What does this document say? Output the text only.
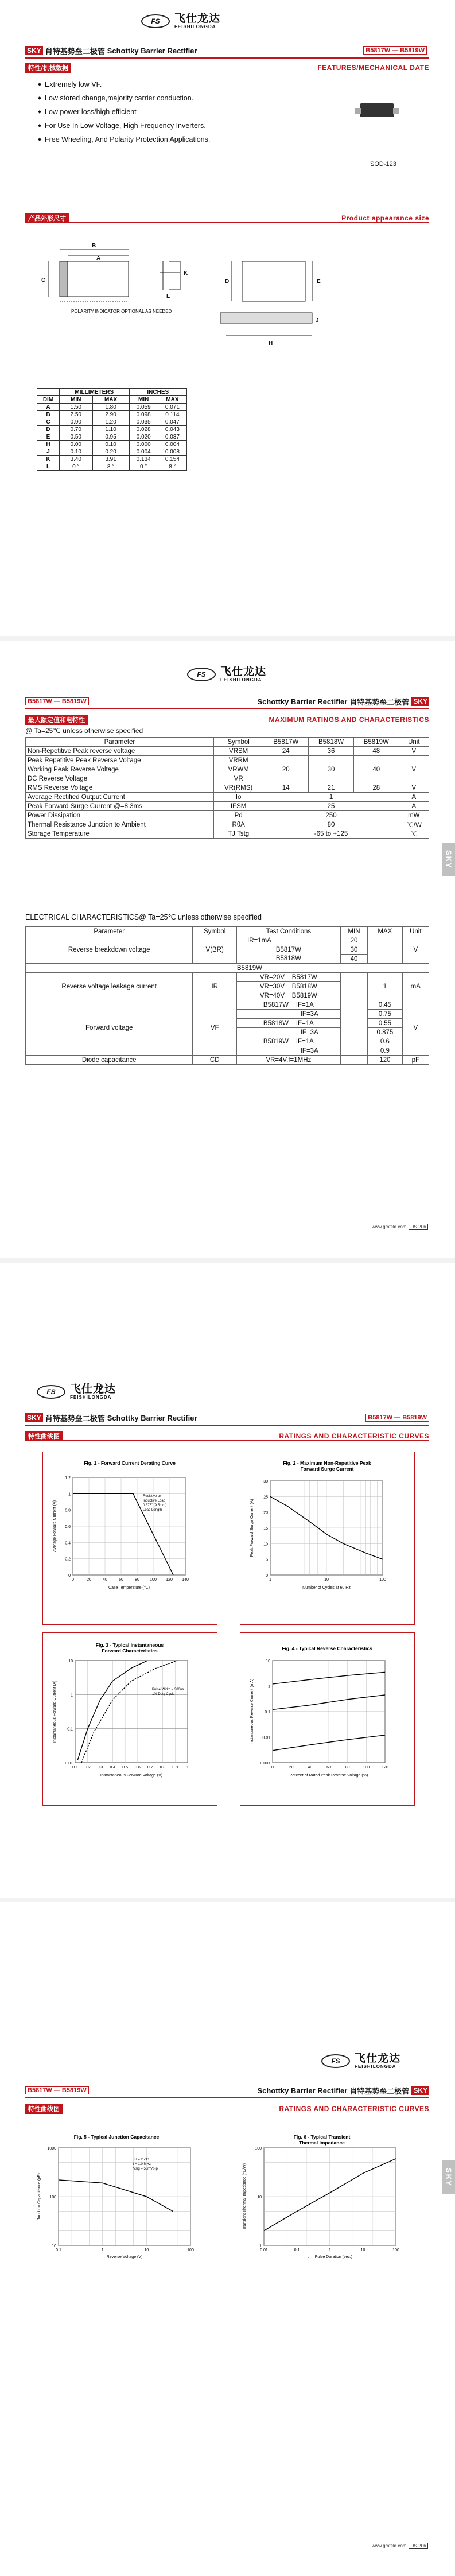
FS	飞仕龙达
FEISHILONGDA
SKY 肖特基势垒二极管 Schottky Barrier Rectifier	B5817W — B5819W
特性/机械数据	FEATURES/MECHANICAL DATE
◆ Extremely low VF.
◆ Low stored change,majority carrier conduction.
◆ Low power loss/high efficient
◆ For Use In Low Voltage, High Frequency Inverters.
◆ Free Wheeling, And Polarity Protection Applications.
SOD-123
产品外形尺寸	Product appearance size
B
A
C
K
L
D	E
H
J
POLARITY INDICATOR OPTIONAL AS NEEDED
	MILLIMETERS		INCHES	
DIM	MIN	MAX	MIN	MAX
A	1.50	1.80	0.059	0.071
B	2.50	2.90	0.098	0.114
C	0.90	1.20	0.035	0.047
D	0.70	1.10	0.028	0.043
E	0.50	0.95	0.020	0.037
H	0.00	0.10	0.000	0.004
J	0.10	0.20	0.004	0.008
K	3.40	3.91	0.134	0.154
L	0 °	8 °	0 °	8 °
FS	飞仕龙达
FEISHILONGDA
B5817W — B5819W	Schottky Barrier Rectifier 肖特基势垒二极管 SKY
最大额定值和电特性	MAXIMUM RATINGS AND CHARACTERISTICS
@ Ta=25℃ unless otherwise specified
Parameter	Symbol	B5817W	B5818W	B5819W	Unit
Non-Repetitive Peak reverse voltage	VRSM	24	36	48	V
Peak Repetitive Peak Reverse Voltage	VRRM	20	30	40	V
Working Peak Reverse Voltage	VRWM				
DC Reverse Voltage	VR				
RMS Reverse Voltage	VR(RMS)	14	21	28	V
Average Rectified Output Current	Io	1			A
Peak Forward Surge Current @=8.3ms	IFSM	25			A
Power Dissipation	Pd	250			mW
Thermal Resistance Junction to Ambient	RθA	80			℃/W
Storage Temperature	TJ,Tstg	-65 to +125			℃
ELECTRICAL CHARACTERISTICS@ Ta=25℃ unless otherwise specified
Parameter	Symbol	Test Conditions	MIN	MAX	Unit
Reverse breakdown voltage	V(BR)	IR=1mA	20		V
		B5817W	30		
		B5818W	40		
B5819W					
Reverse voltage leakage current	IR	VR=20V B5817W		1	mA
		VR=30V B5818W			
		VR=40V B5819W			
Forward voltage	VF	B5817W IF=1A		0.45	V
		IF=3A		0.75	
		B5818W IF=1A		0.55	
		IF=3A		0.875	
		B5819W IF=1A		0.6	
		IF=3A		0.9	
Diode capacitance	CD	VR=4V,f=1MHz		120	pF
www.gmfeld.com DS-206
SKY
FS	飞仕龙达
FEISHILONGDA
SKY 肖特基势垒二极管 Schottky Barrier Rectifier	B5817W — B5819W
特性曲线图	RATINGS AND CHARACTERISTIC CURVES
Fig. 1 - Forward Current Derating Curve
0	20	40	60	80	100 120 140
0
0.2
0.4
0.6
0.8
1
1.2
Resistive or
Inductive Load
0.375" (9.5mm)
Lead Length
Average Forward Current (A)
Case Temperature (℃)
Fig. 2 - Maximum Non-Repetitive Peak
Forward Surge Current
1	10	100
0
5
10
15
20
25
30
Peak Forward Surge Current (A)
Number of Cycles at 60 Hz
Fig. 3 - Typical Instantaneous
Forward Characteristics
0.1 0.2 0.3 0.4 0.5 0.6 0.7 0.8 0.9 1
0.01
0.1
1
10
Pulse Width = 300us
1% Duty Cycle
Instantaneous Forward Current (A)
Instantaneous Forward Voltage (V)
Fig. 4 - Typical Reverse Characteristics
0	20	40	60	80	100	120
0.001
0.01
0.1
1
10
Instantaneous Reverse Current (mA)
Percent of Rated Peak Reverse Voltage (%)
FS	飞仕龙达
FEISHILONGDA
B5817W — B5819W	Schottky Barrier Rectifier 肖特基势垒二极管 SKY
特性曲线图	RATINGS AND CHARACTERISTIC CURVES
Fig. 5 - Typical Junction Capacitance
0.1	1	10	100
10
100
1000
TJ = 25°C
f = 1.0 MHz
Vsig = 50mVp-p
Junction Capacitance (pF)
Reverse Voltage (V)
Fig. 6 - Typical Transient
Thermal Impedance
0.01	0.1	1	10	100
1
10
100
Transient Thermal Impedance (°C/W)
t — Pulse Duration (sec.)
www.gmfeld.com DS-206
SKY
